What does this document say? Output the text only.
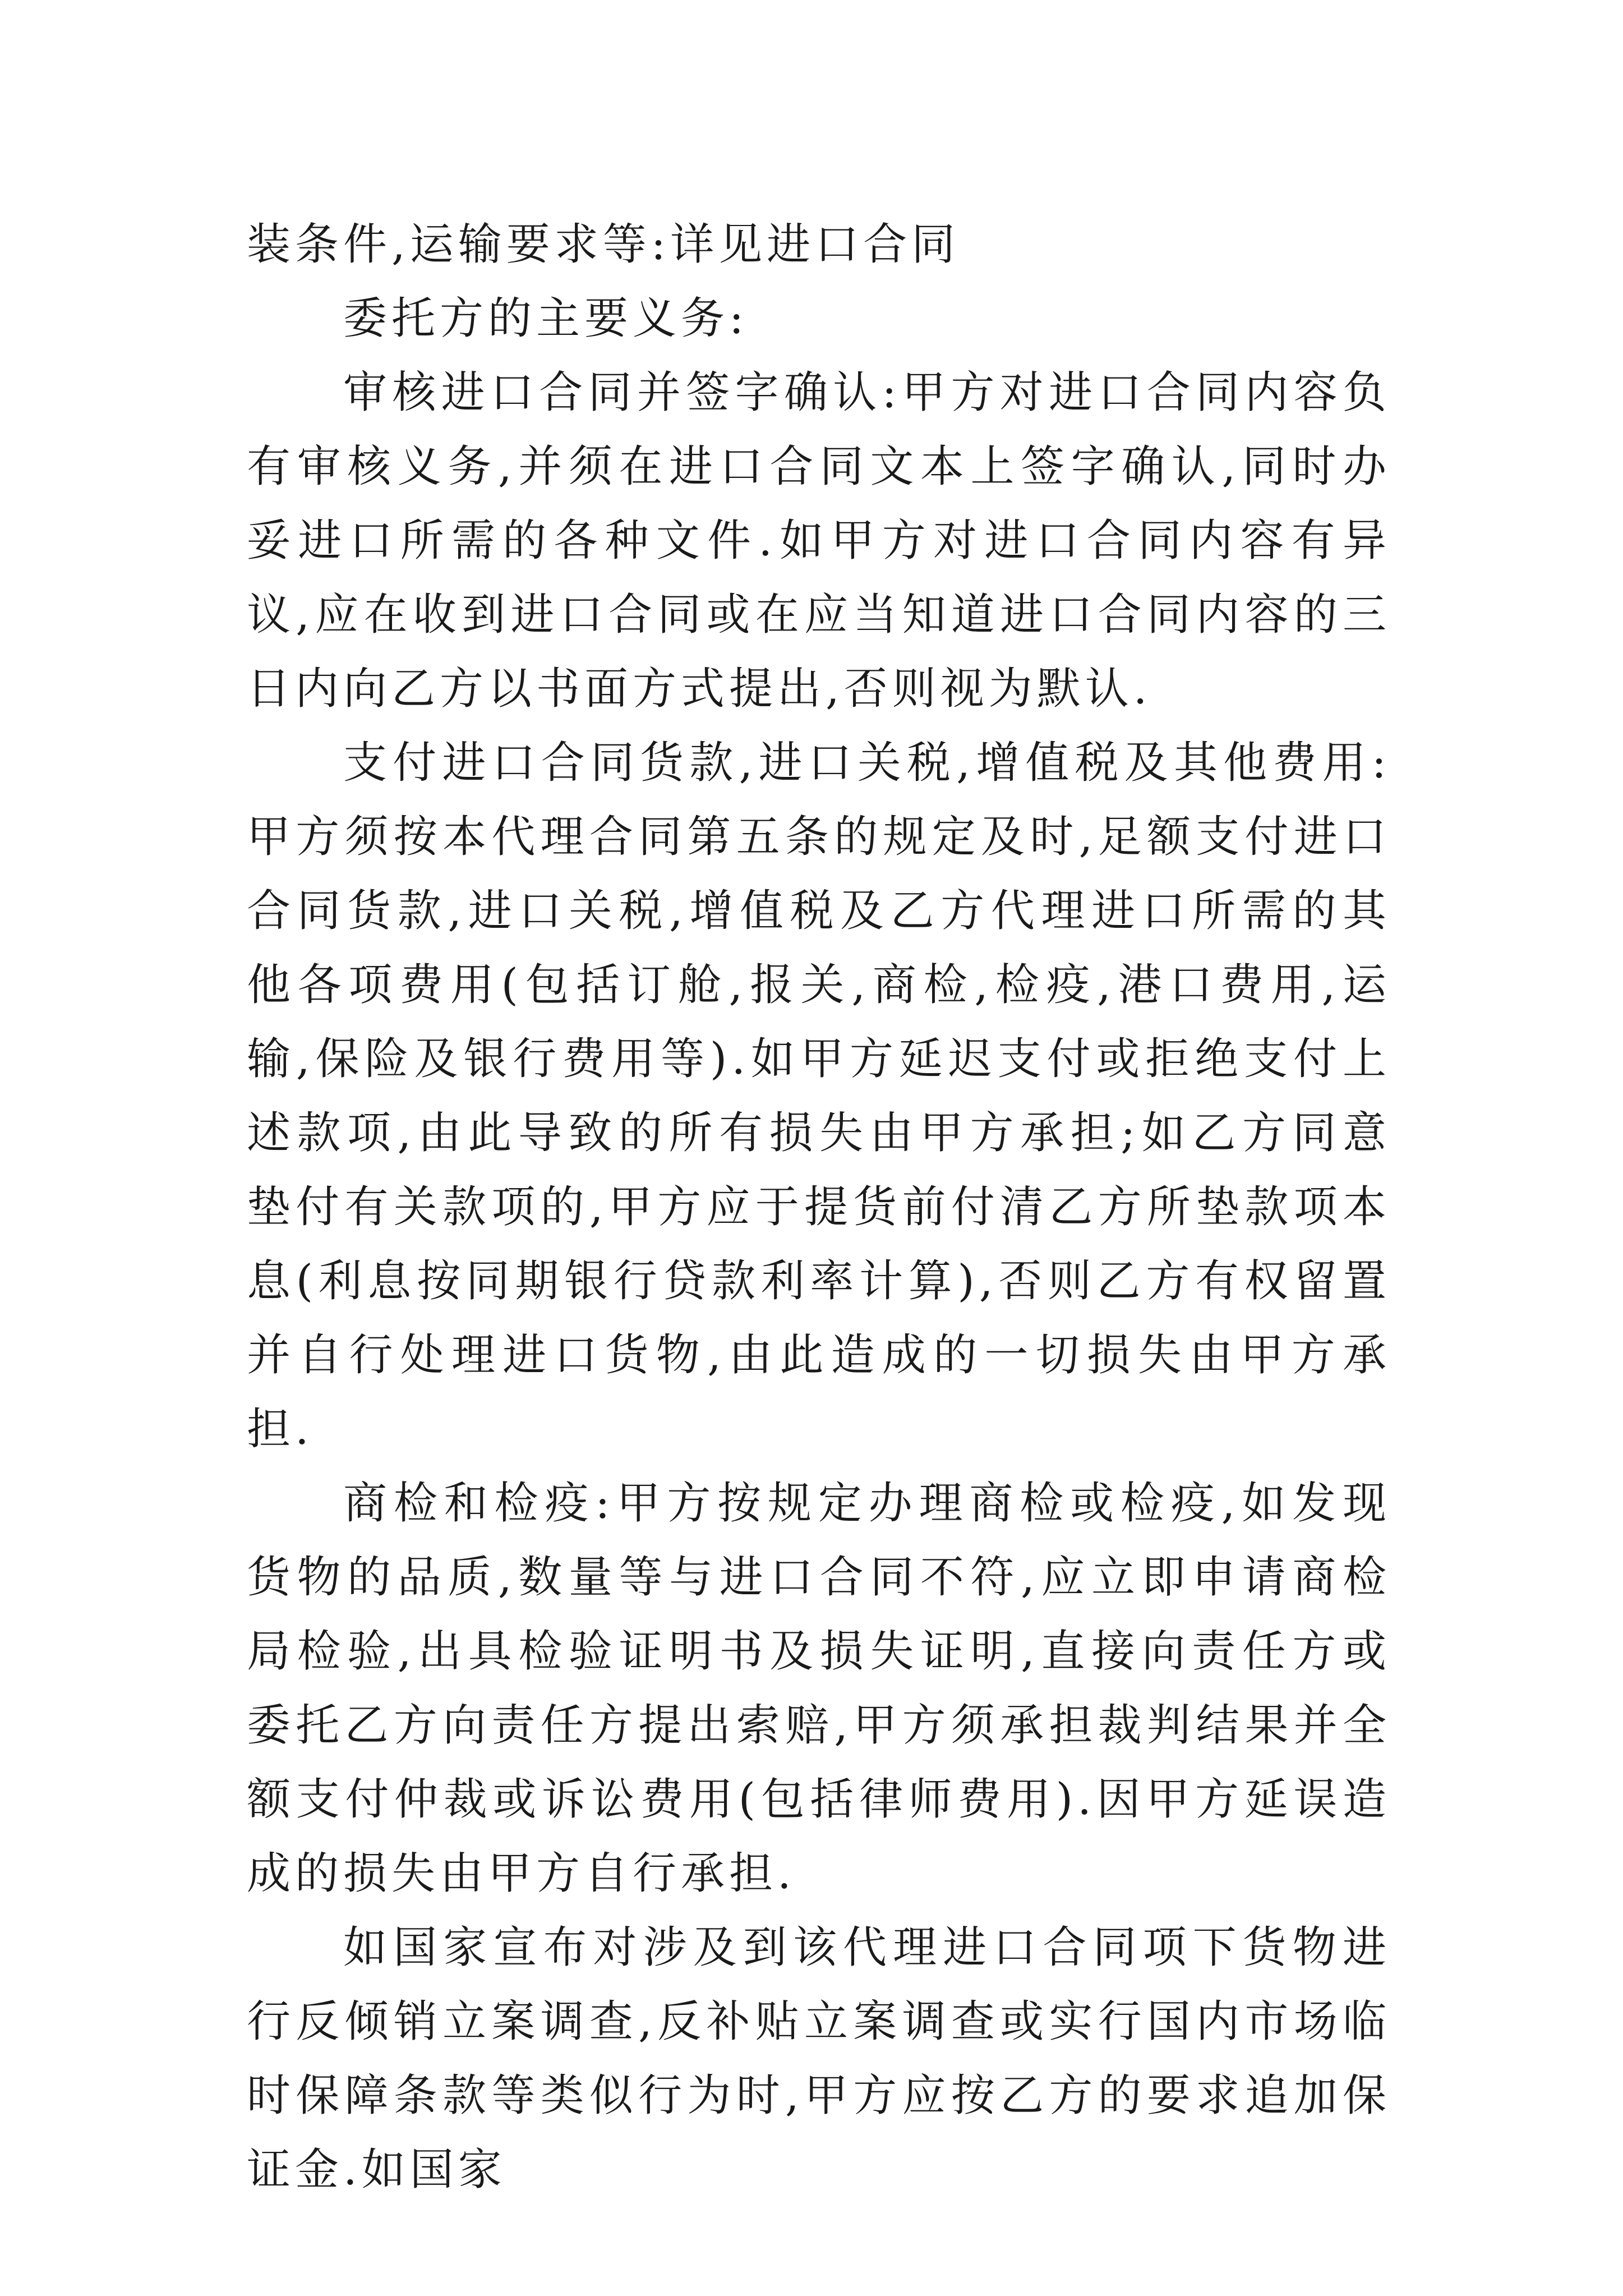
装条件,运输要求等:详见进口合同

委托方的主要义务:

审核进口合同并签字确认:甲方对进口合同内容负有审核义务,并须在进口合同文本上签字确认,同时办妥进口所需的各种文件.如甲方对进口合同内容有异议,应在收到进口合同或在应当知道进口合同内容的三日内向乙方以书面方式提出,否则视为默认.

支付进口合同货款,进口关税,增值税及其他费用:甲方须按本代理合同第五条的规定及时,足额支付进口合同货款,进口关税,增值税及乙方代理进口所需的其他各项费用(包括订舱,报关,商检,检疫,港口费用,运输,保险及银行费用等).如甲方延迟支付或拒绝支付上述款项,由此导致的所有损失由甲方承担;如乙方同意垫付有关款项的,甲方应于提货前付清乙方所垫款项本息(利息按同期银行贷款利率计算),否则乙方有权留置并自行处理进口货物,由此造成的一切损失由甲方承担.

商检和检疫:甲方按规定办理商检或检疫,如发现货物的品质,数量等与进口合同不符,应立即申请商检局检验,出具检验证明书及损失证明,直接向责任方或委托乙方向责任方提出索赔,甲方须承担裁判结果并全额支付仲裁或诉讼费用(包括律师费用).因甲方延误造成的损失由甲方自行承担.

如国家宣布对涉及到该代理进口合同项下货物进行反倾销立案调查,反补贴立案调查或实行国内市场临时保障条款等类似行为时,甲方应按乙方的要求追加保证金.如国家
